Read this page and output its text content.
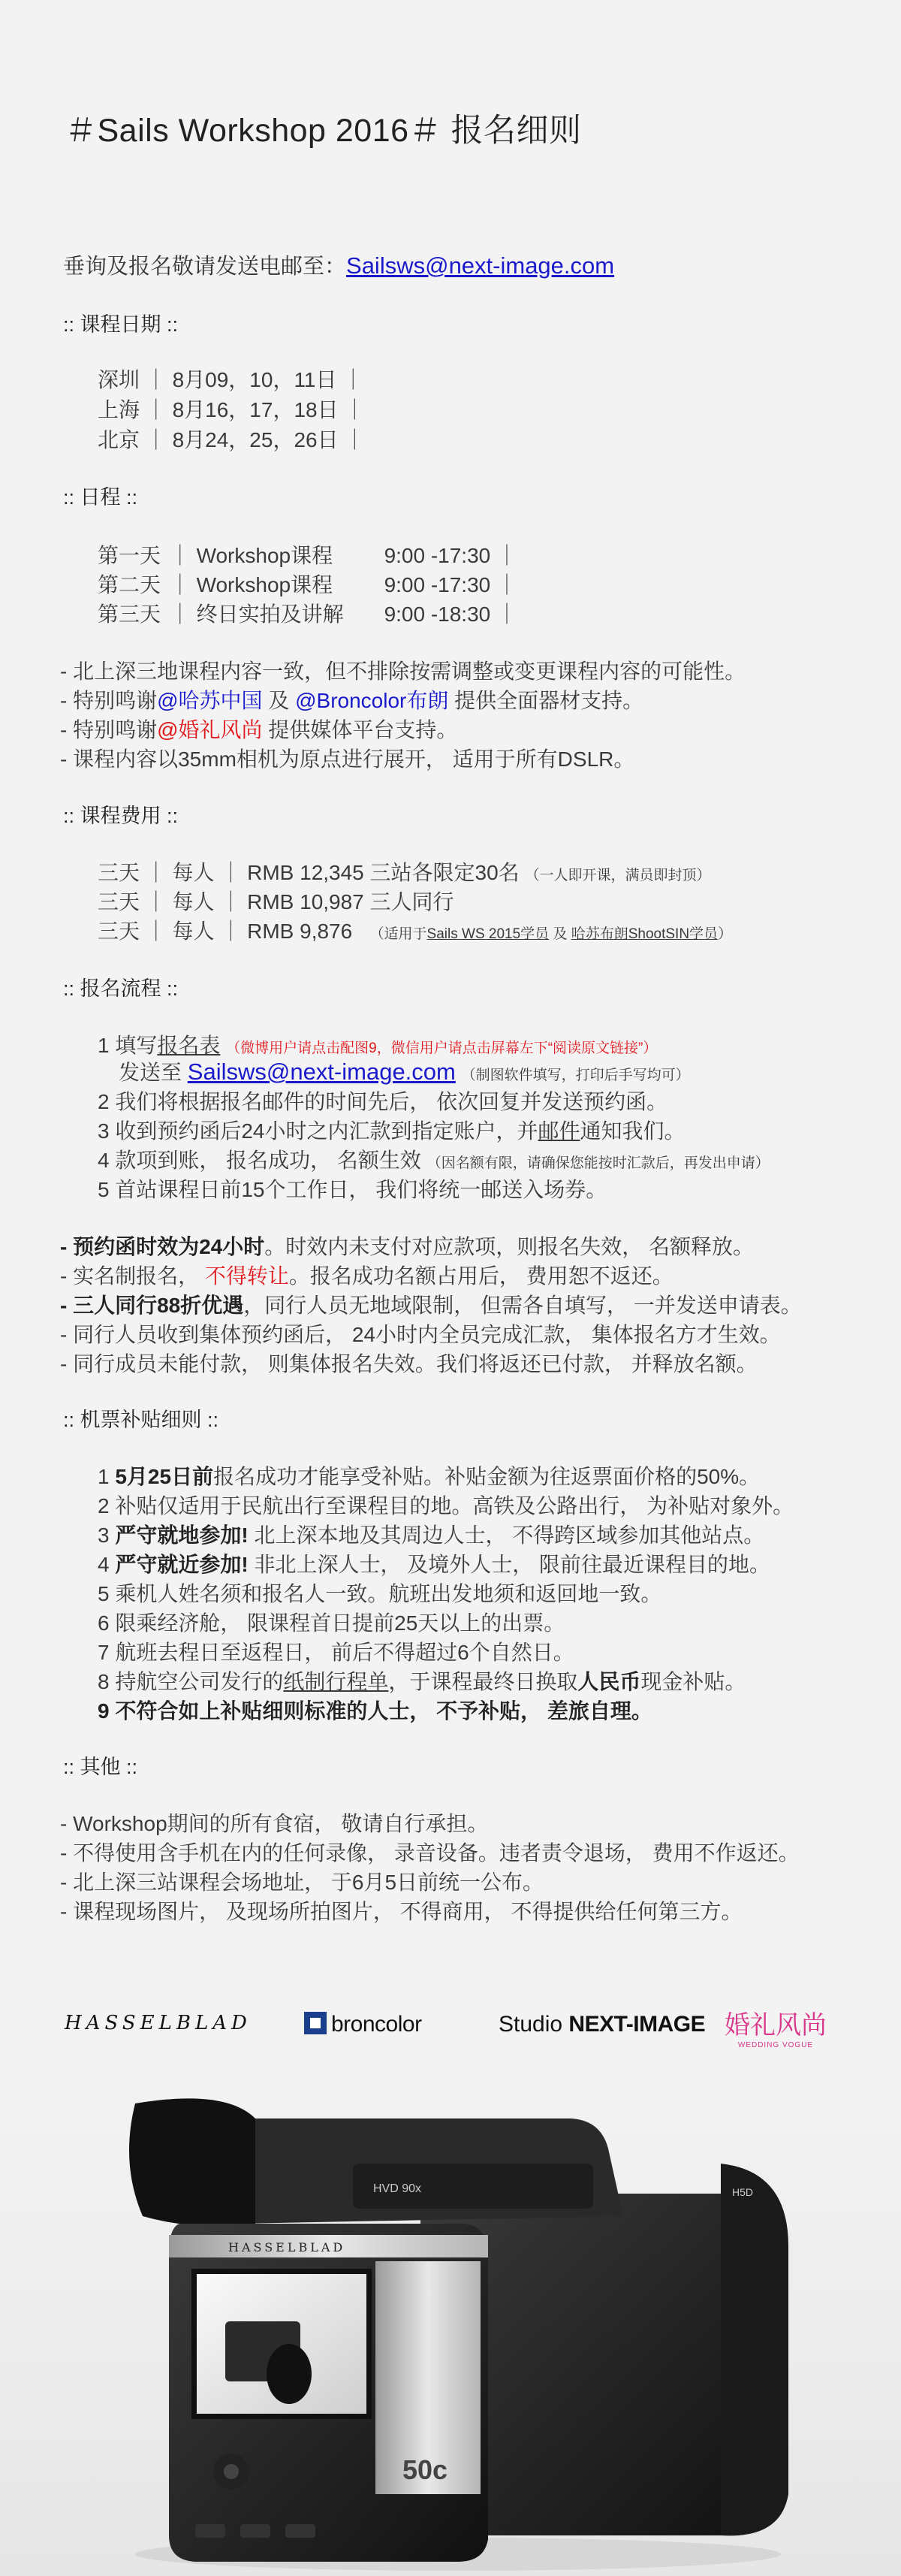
＃Sails Workshop 2016＃ 报名细则
垂询及报名敬请发送电邮至：Sailsws@next-image.com
:: 课程日期 ::
深圳 ｜ 8月09，10，11日 ｜
上海 ｜ 8月16，17，18日 ｜
北京 ｜ 8月24，25，26日 ｜
:: 日程 ::
第一天 ｜ Workshop课程 9:00 -17:30 ｜
第二天 ｜ Workshop课程 9:00 -17:30 ｜
第三天 ｜ 终日实拍及讲解 9:00 -18:30 ｜
- 北上深三地课程内容一致，但不排除按需调整或变更课程内容的可能性。
- 特别鸣谢@哈苏中国 及 @Broncolor布朗 提供全面器材支持。
- 特别鸣谢@婚礼风尚 提供媒体平台支持。
- 课程内容以35mm相机为原点进行展开， 适用于所有DSLR。
:: 课程费用 ::
三天 ｜ 每人 ｜ RMB 12,345 三站各限定30名 （一人即开课，满员即封顶）
三天 ｜ 每人 ｜ RMB 10,987 三人同行
三天 ｜ 每人 ｜ RMB 9,876 （适用于Sails WS 2015学员 及 哈苏布朗ShootSIN学员）
:: 报名流程 ::
1 填写报名表 （微博用户请点击配图9，微信用户请点击屏幕左下“阅读原文链接”）
发送至 Sailsws@next-image.com （制图软件填写，打印后手写均可）
2 我们将根据报名邮件的时间先后， 依次回复并发送预约函。
3 收到预约函后24小时之内汇款到指定账户，并邮件通知我们。
4 款项到账， 报名成功， 名额生效 （因名额有限，请确保您能按时汇款后，再发出申请）
5 首站课程日前15个工作日， 我们将统一邮送入场券。
- 预约函时效为24小时。时效内未支付对应款项，则报名失效， 名额释放。
- 实名制报名， 不得转让。报名成功名额占用后， 费用恕不返还。
- 三人同行88折优遇，同行人员无地域限制， 但需各自填写， 一并发送申请表。
- 同行人员收到集体预约函后， 24小时内全员完成汇款， 集体报名方才生效。
- 同行成员未能付款， 则集体报名失效。我们将返还已付款， 并释放名额。
:: 机票补贴细则 ::
1 5月25日前报名成功才能享受补贴。补贴金额为往返票面价格的50%。
2 补贴仅适用于民航出行至课程目的地。高铁及公路出行， 为补贴对象外。
3 严守就地参加! 北上深本地及其周边人士， 不得跨区域参加其他站点。
4 严守就近参加! 非北上深人士， 及境外人士， 限前往最近课程目的地。
5 乘机人姓名须和报名人一致。航班出发地须和返回地一致。
6 限乘经济舱， 限课程首日提前25天以上的出票。
7 航班去程日至返程日， 前后不得超过6个自然日。
8 持航空公司发行的纸制行程单，于课程最终日换取人民币现金补贴。
9 不符合如上补贴细则标准的人士， 不予补贴， 差旅自理。
:: 其他 ::
- Workshop期间的所有食宿， 敬请自行承担。
- 不得使用含手机在内的任何录像， 录音设备。违者责令退场， 费用不作返还。
- 北上深三站课程会场地址， 于6月5日前统一公布。
- 课程现场图片， 及现场所拍图片， 不得商用， 不得提供给任何第三方。
HASSELBLAD	broncolor	Studio NEXT-IMAGE 婚礼风尚
WEDDING VOGUE
HVD 90x	H5D
HASSELBLAD
50c
